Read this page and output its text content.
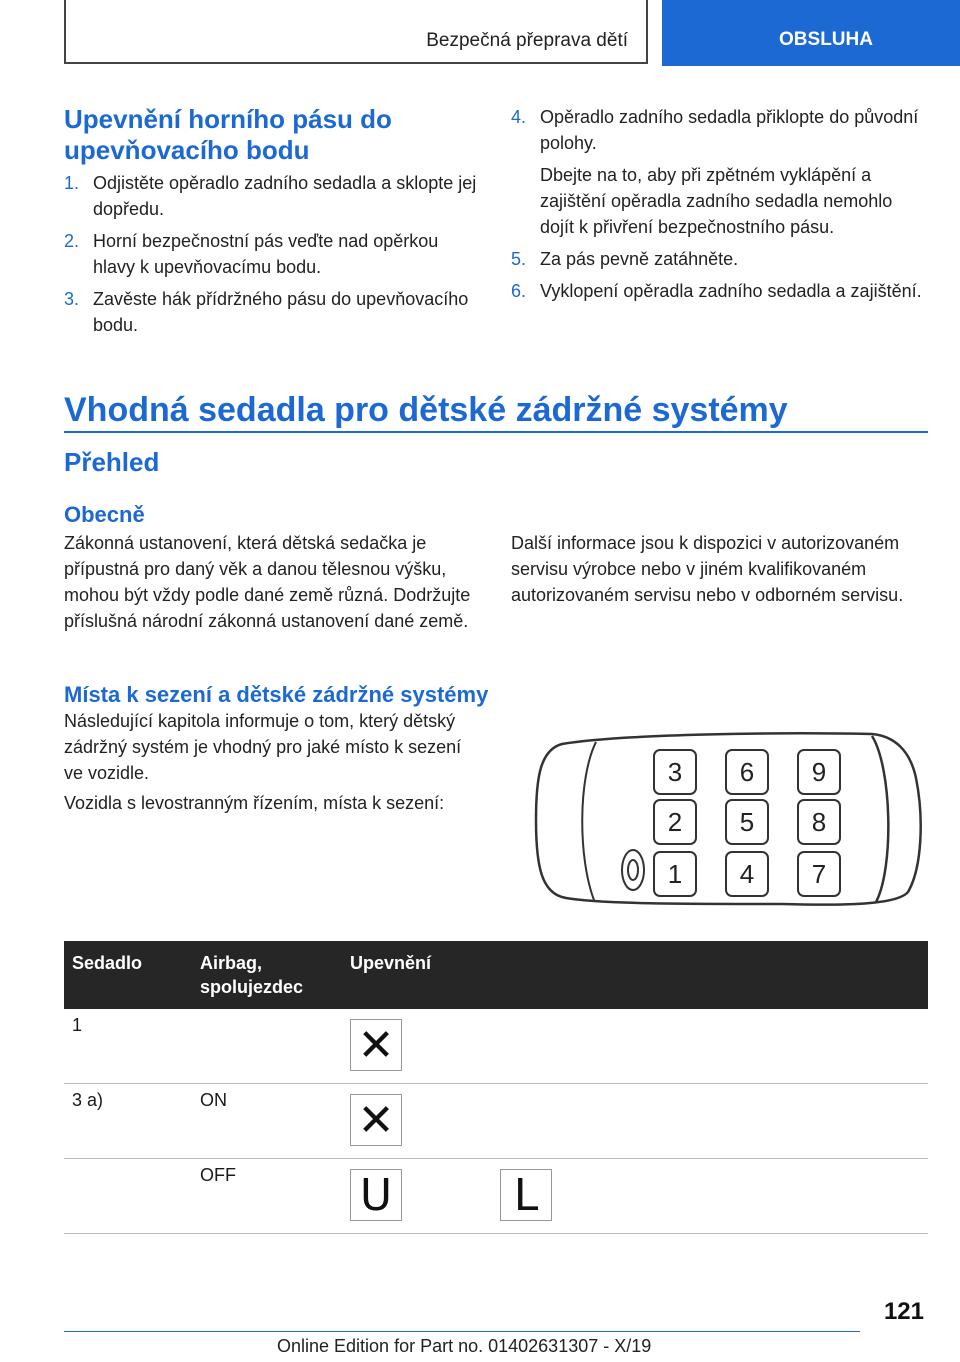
Bezpečná přeprava dětí	OBSLUHA
Upevnění horního pásu do upevňovacího bodu
1. Odjistěte opěradlo zadního sedadla a sklopte jej dopředu.
2. Horní bezpečnostní pás veďte nad opěrkou hlavy k upevňovacímu bodu.
3. Zavěste hák přídržného pásu do upevňovacího bodu.
4. Opěradlo zadního sedadla přiklopte do původní polohy.
Dbejte na to, aby při zpětném vyklápění a zajištění opěradla zadního sedadla nemohlo dojít k přivření bezpečnostního pásu.
5. Za pás pevně zatáhněte.
6. Vyklopení opěradla zadního sedadla a zajištění.
Vhodná sedadla pro dětské zádržné systémy
Přehled
Obecně

Zákonná ustanovení, která dětská sedačka je přípustná pro daný věk a danou tělesnou výšku, mohou být vždy podle dané země různá. Dodržujte příslušná národní zákonná ustanovení dané země.

Další informace jsou k dispozici v autorizovaném servisu výrobce nebo v jiném kvalifikovaném autorizovaném servisu nebo v odborném servisu.

Místa k sezení a dětské zádržné systémy

Následující kapitola informuje o tom, který dětský zádržný systém je vhodný pro jaké místo k sezení ve vozidle.

Vozidla s levostranným řízením, místa k sezení:

3 6 9
2 5 8
1 4 7
Sedadlo	Airbag, spolujezdec	Upevnění		
1		✕		
3 a)	ON	✕		
	OFF	U	L	
121
Online Edition for Part no. 01402631307 - X/19
